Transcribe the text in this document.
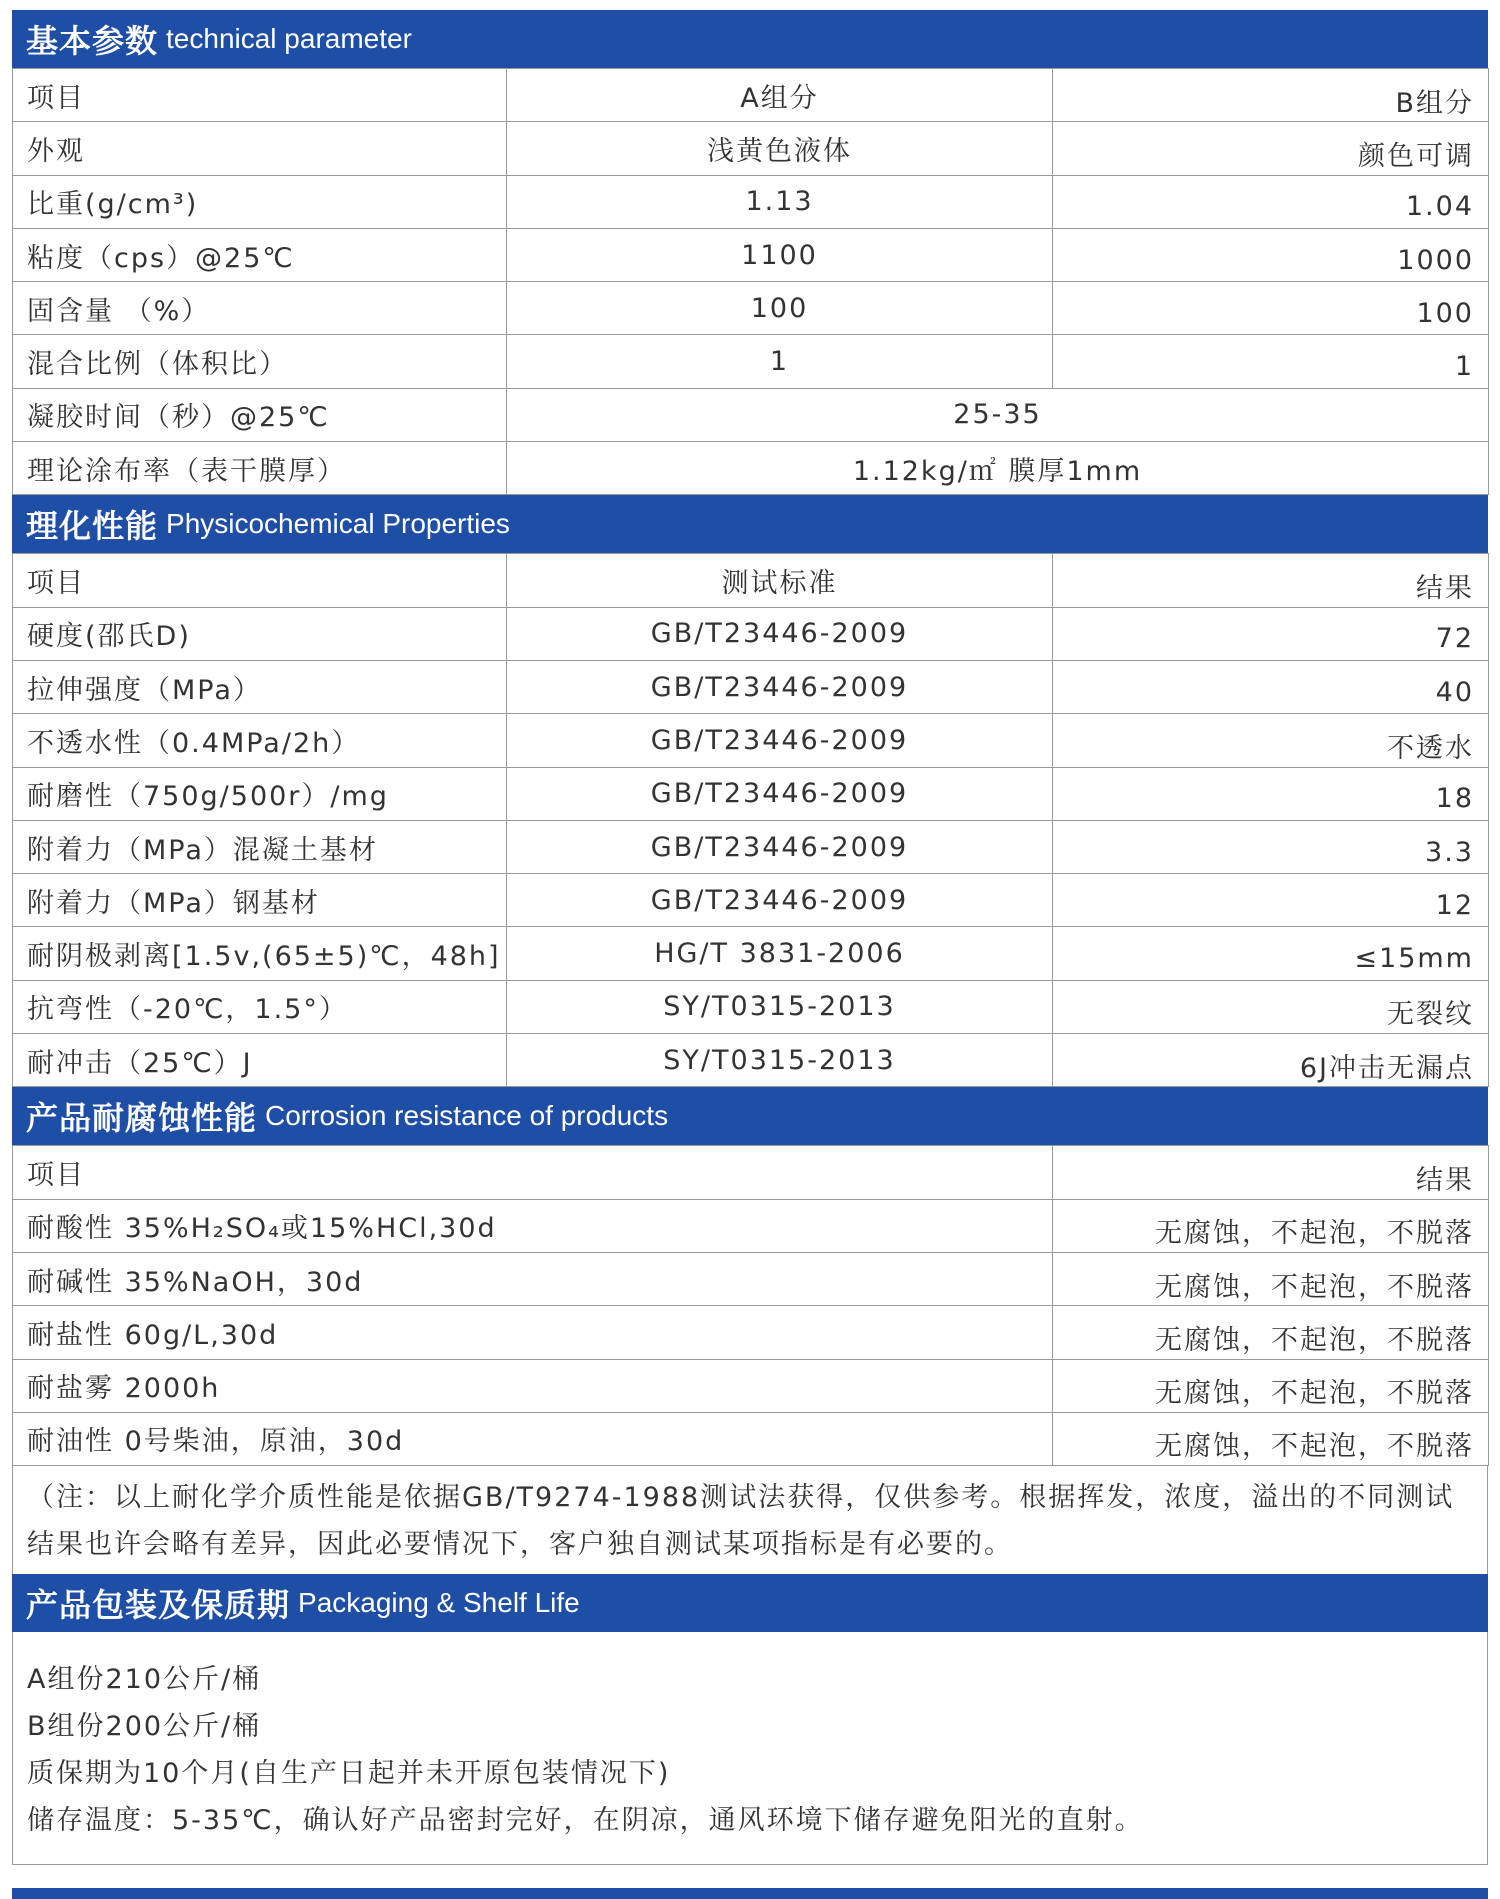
基本参数 technical parameter
项目	A组分	B组分
外观	浅黄色液体	颜色可调
比重(g/cm³)	1.13	1.04
粘度（cps）@25℃	1100	1000
固含量 （%）	100	100
混合比例（体积比）	1	1
凝胶时间（秒）@25℃	25-35	
理论涂布率（表干膜厚）	1.12kg/㎡ 膜厚1mm	
理化性能 Physicochemical Properties
项目	测试标准	结果
硬度(邵氏D)	GB/T23446-2009	72
拉伸强度（MPa）	GB/T23446-2009	40
不透水性（0.4MPa/2h）	GB/T23446-2009	不透水
耐磨性（750g/500r）/mg	GB/T23446-2009	18
附着力（MPa）混凝土基材	GB/T23446-2009	3.3
附着力（MPa）钢基材	GB/T23446-2009	12
耐阴极剥离[1.5v,(65±5)℃，48h]	HG/T 3831-2006	≤15mm
抗弯性（-20℃，1.5°）	SY/T0315-2013	无裂纹
耐冲击（25℃）J	SY/T0315-2013	6J冲击无漏点
产品耐腐蚀性能 Corrosion resistance of products
项目	结果
耐酸性 35%H₂SO₄或15%HCl,30d	无腐蚀，不起泡，不脱落
耐碱性 35%NaOH，30d	无腐蚀，不起泡，不脱落
耐盐性 60g/L,30d	无腐蚀，不起泡，不脱落
耐盐雾 2000h	无腐蚀，不起泡，不脱落
耐油性 0号柴油，原油，30d	无腐蚀，不起泡，不脱落
（注：以上耐化学介质性能是依据GB/T9274-1988测试法获得，仅供参考。根据挥发，浓度，溢出的不同测试结果也许会略有差异，因此必要情况下，客户独自测试某项指标是有必要的。
产品包装及保质期 Packaging & Shelf Life
A组份210公斤/桶
B组份200公斤/桶
质保期为10个月(自生产日起并未开原包装情况下)
储存温度：5-35℃，确认好产品密封完好，在阴凉，通风环境下储存避免阳光的直射。
